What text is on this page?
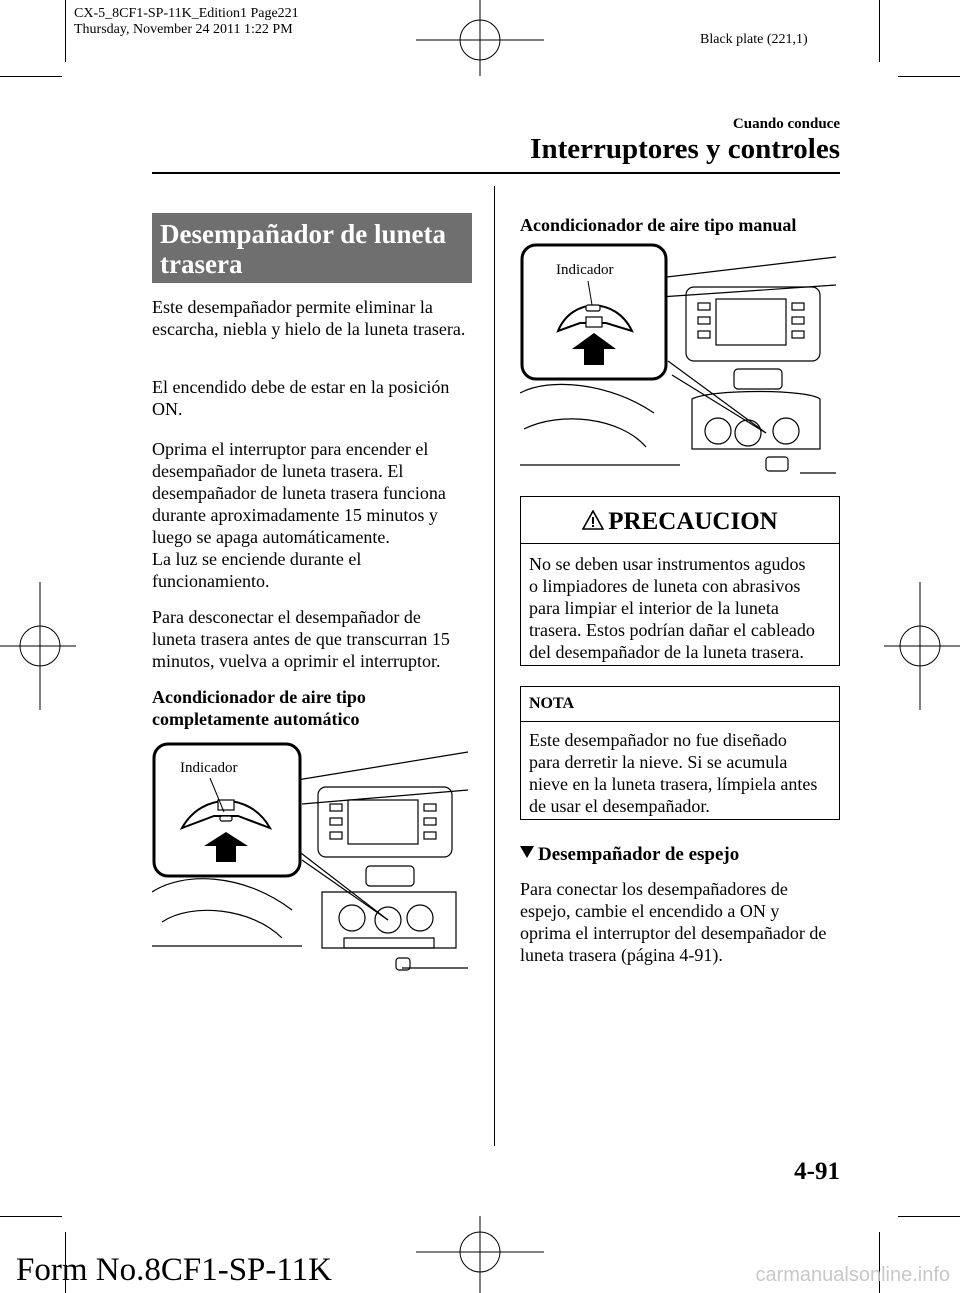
CX-5_8CF1-SP-11K_Edition1 Page221
Thursday, November 24 2011 1:22 PM
Black plate (221,1)
Cuando conduce
Interruptores y controles
Desempañador de luneta trasera

Este desempañador permite eliminar la escarcha, niebla y hielo de la luneta trasera.

El encendido debe de estar en la posición ON.

Oprima el interruptor para encender el
desempañador de luneta trasera. El
desempañador de luneta trasera funciona
durante aproximadamente 15 minutos y
luego se apaga automáticamente.
La luz se enciende durante el
funcionamiento.
Para desconectar el desempañador de
luneta trasera antes de que transcurran 15
minutos, vuelva a oprimir el interruptor.
Acondicionador de aire tipo
completamente automático
Indicador
Acondicionador de aire tipo manual
Indicador
PRECAUCION
No se deben usar instrumentos agudos
o limpiadores de luneta con abrasivos
para limpiar el interior de la luneta
trasera. Estos podrían dañar el cableado
del desempañador de la luneta trasera.
NOTA
Este desempañador no fue diseñado
para derretir la nieve. Si se acumula
nieve en la luneta trasera, límpiela antes
de usar el desempañador.
Desempañador de espejo
Para conectar los desempañadores de
espejo, cambie el encendido a ON y
oprima el interruptor del desempañador de
luneta trasera (página 4-91).
4-91
Form No.8CF1-SP-11K	carmanualsonline.info
